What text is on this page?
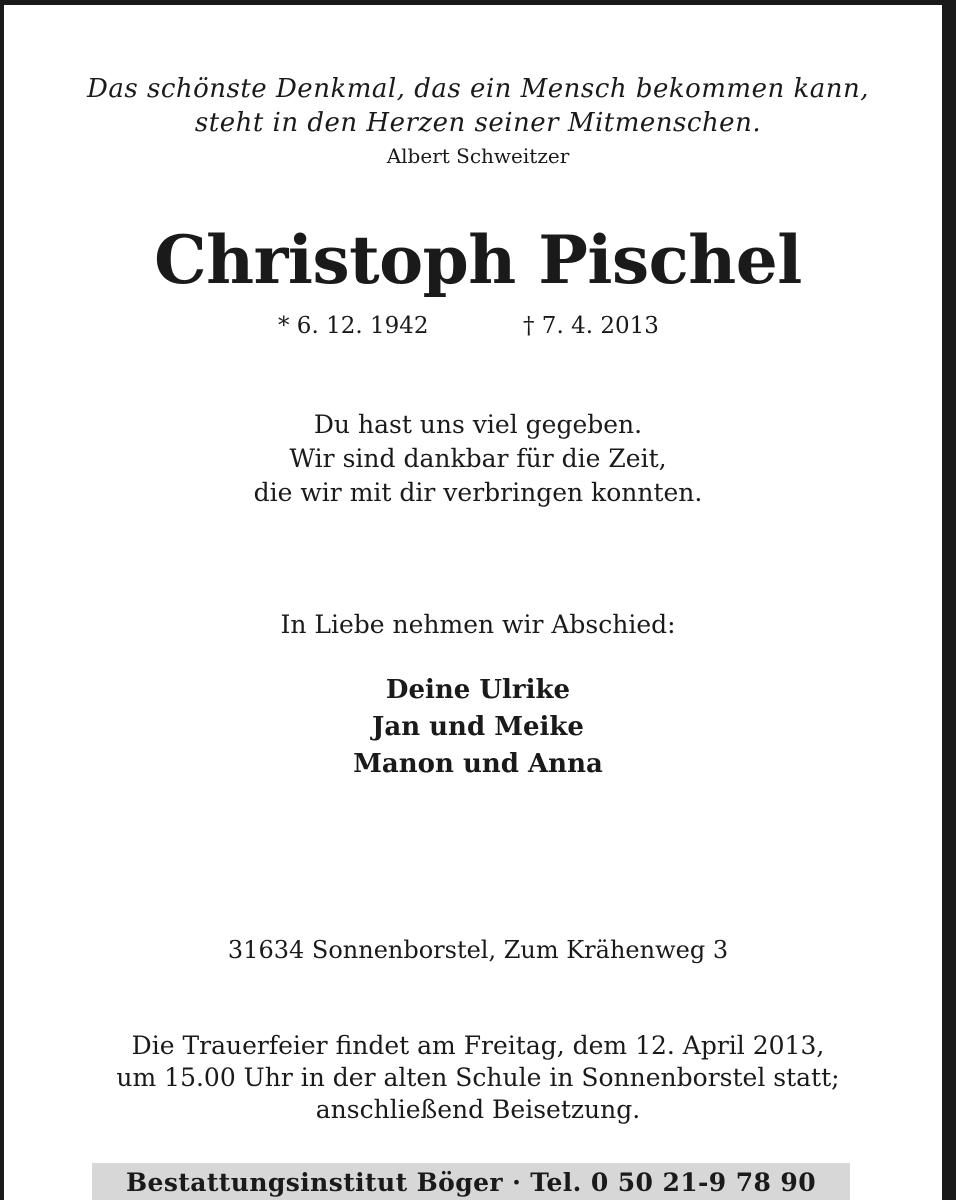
Das schönste Denkmal, das ein Mensch bekommen kann,
steht in den Herzen seiner Mitmenschen.
Albert Schweitzer
Christoph Pischel
* 6. 12. 1942	† 7. 4. 2013
Du hast uns viel gegeben.
Wir sind dankbar für die Zeit,
die wir mit dir verbringen konnten.
In Liebe nehmen wir Abschied:
Deine Ulrike
Jan und Meike
Manon und Anna
31634 Sonnenborstel, Zum Krähenweg 3
Die Trauerfeier findet am Freitag, dem 12. April 2013,
um 15.00 Uhr in der alten Schule in Sonnenborstel statt;
anschließend Beisetzung.
Bestattungsinstitut Böger · Tel. 0 50 21-9 78 90
